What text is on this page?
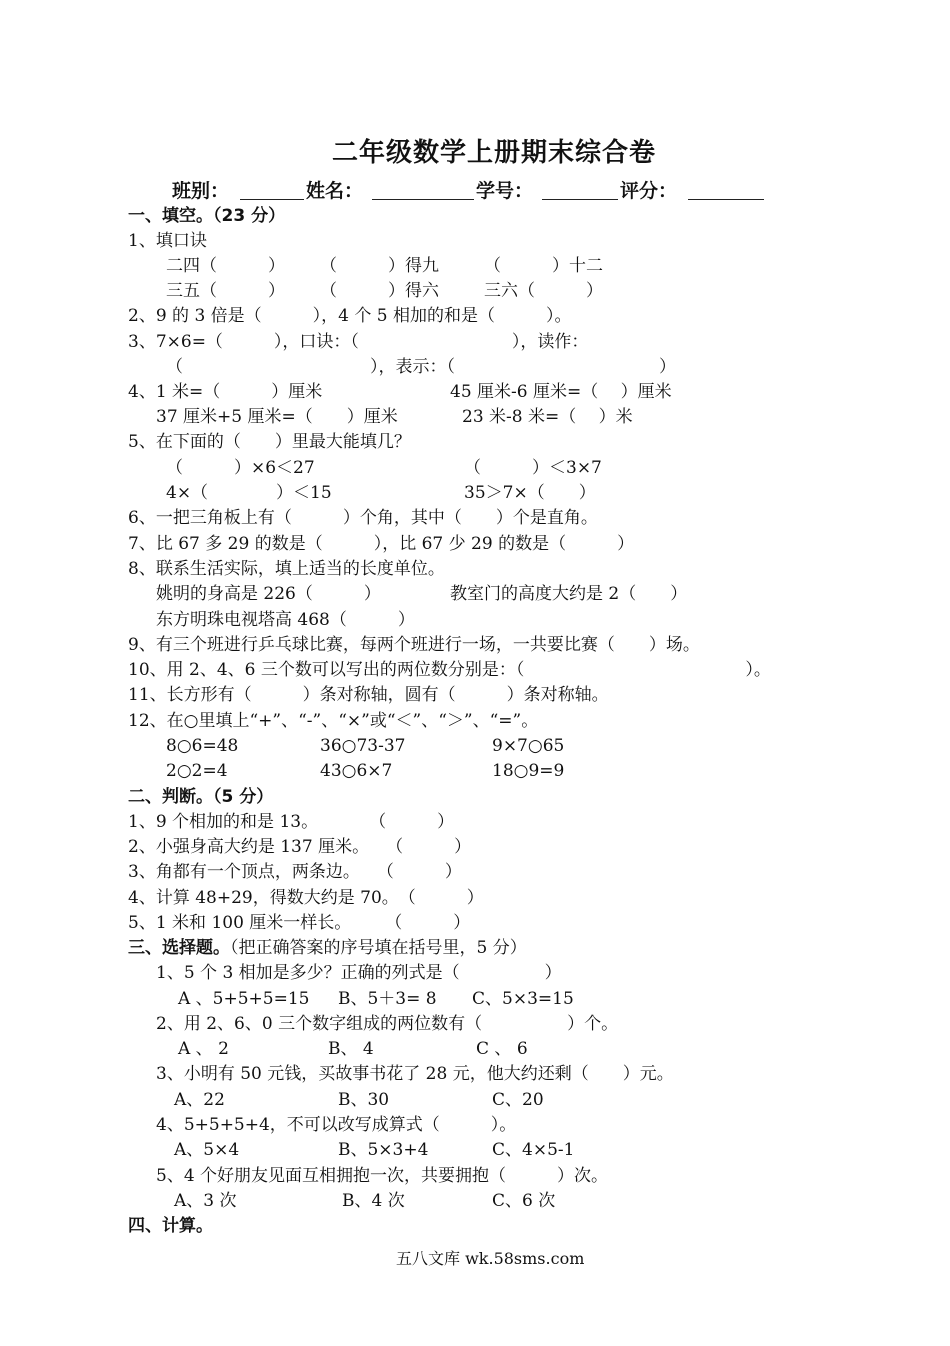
二年级数学上册期末综合卷
班别：	姓名：	学号：	评分：
一、填空。（23 分）
1、填口诀
二四（　　　） （　　　）得九	（　　　）十二
三五（　　　） （　　　）得六	三六（　　　）
2、9 的 3 倍是（　　　），4 个 5 相加的和是（　　　）。
3、7×6=（　　　），口诀：（　　　　　　　　　），读作：
（　　　　　　　　　　　），表示：（　　　　　　　　　　　　）
4、1 米=（　　　）厘米	45 厘米-6 厘米=（　 ）厘米
37 厘米+5 厘米=（　　）厘米	23 米-8 米=（　 ）米
5、在下面的（　　）里最大能填几？
（　　　）×6＜27	（　　　）＜3×7
4×（　　　　）＜15	35＞7×（　　）
6、一把三角板上有（　　　）个角，其中（　　）个是直角。
7、比 67 多 29 的数是（　　　），比 67 少 29 的数是（　　　）
8、联系生活实际，填上适当的长度单位。
姚明的身高是 226（　　　）	教室门的高度大约是 2（　　）
东方明珠电视塔高 468（　　　）
9、有三个班进行乒乓球比赛，每两个班进行一场，一共要比赛（　　）场。
10、用 2、4、6 三个数可以写出的两位数分别是：（　　　　　　　　　　　　　）。
11、长方形有（　　　）条对称轴，圆有（　　　）条对称轴。
12、在○里填上“+”、“-”、“×”或“＜”、“＞”、“=”。
8○6=48	36○73-37	9×7○65
2○2=4	43○6×7	18○9=9
二、判断。（5 分）
1、9 个相加的和是 13。　　　　（　　　）
2、小强身高大约是 137 厘米。　　（　　　）
3、角都有一个顶点，两条边。　　（　　　）
4、计算 48+29，得数大约是 70。　（　　　）
5、1 米和 100 厘米一样长。　　　（　　　）
三、选择题。（把正确答案的序号填在括号里，5 分）
1、5 个 3 相加是多少？正确的列式是（　　　　　）
A 、5+5+5=15 B、5＋3= 8 C、5×3=15
2、用 2、6、0 三个数字组成的两位数有（　　　　　）个。
A 、 2	B、 4	C 、 6
3、小明有 50 元钱，买故事书花了 28 元，他大约还剩（　　）元。
A、22	B、30	C、20
4、5+5+5+4，不可以改写成算式（　　　）。
A、5×4	B、5×3+4	C、4×5-1
5、4 个好朋友见面互相拥抱一次，共要拥抱（　　　）次。
A、3 次	B、4 次	C、6 次
四、计算。
五八文库 wk.58sms.com
